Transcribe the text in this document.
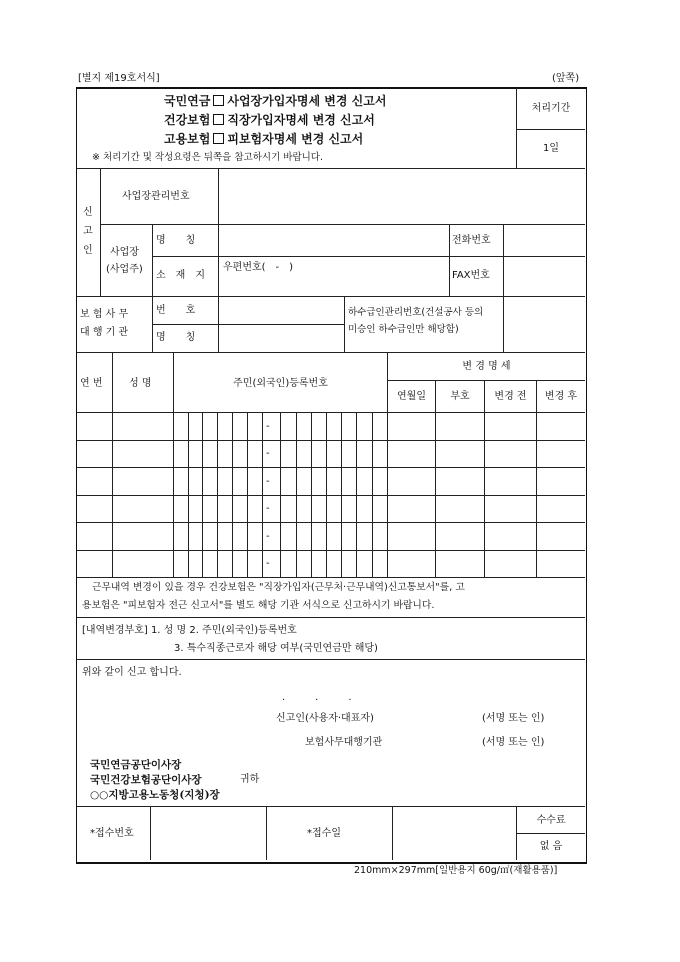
[별지 제19호서식]	(앞쪽)
국민연금 사업장가입자명세 변경 신고서
건강보험 직장가입자명세 변경 신고서
고용보험 피보험자명세 변경 신고서
※ 처리기간 및 작성요령은 뒤쪽을 참고하시기 바랍니다.
처리기간
1일
신
고
인
사업장관리번호
사업장
(사업주)
명　　칭
소　재　지
우편번호(　-　)
전화번호
FAX번호
보 험 사 무
대 행 기 관
번　　호
명　　칭
하수급인관리번호(건설공사 등의
미승인 하수급인만 해당함)
연 번	성 명	주민(외국인)등록번호
변 경 명 세
연월일	부호	변경 전	변경 후
-
-
-
-
-
-
근무내역 변경이 있을 경우 건강보험은 "직장가입자(근무처·근무내역)신고통보서"를, 고
용보험은 "피보험자 전근 신고서"를 별도 해당 기관 서식으로 신고하시기 바랍니다.
[내역변경부호] 1. 성 명 2. 주민(외국인)등록번호
3. 특수직종근로자 해당 여부(국민연금만 해당)
위와 같이 신고 합니다.
.　　　.　　　.
신고인(사용자·대표자)	(서명 또는 인)
보험사무대행기관	(서명 또는 인)
국민연금공단이사장
국민건강보험공단이사장	귀하
○○지방고용노동청(지청)장
*접수번호	*접수일
수수료
없 음
210mm×297mm[일반용지 60g/㎡(재활용품)]
